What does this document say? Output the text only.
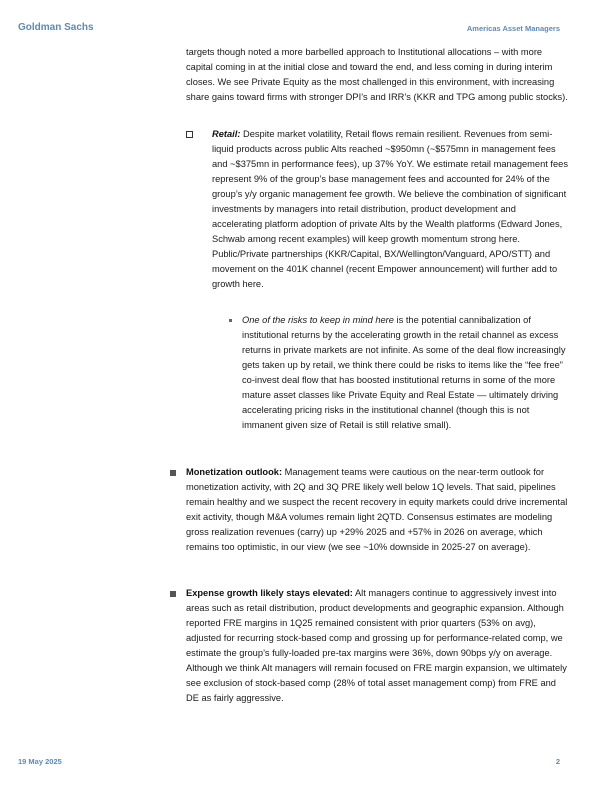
Goldman Sachs	Americas Asset Managers
targets though noted a more barbelled approach to Institutional allocations – with more capital coming in at the initial close and toward the end, and less coming in during interim closes. We see Private Equity as the most challenged in this environment, with increasing share gains toward firms with stronger DPI’s and IRR’s (KKR and TPG among public stocks).
Retail: Despite market volatility, Retail flows remain resilient. Revenues from semi-liquid products across public Alts reached ~$950mn (~$575mn in management fees and ~$375mn in performance fees), up 37% YoY. We estimate retail management fees represent 9% of the group’s base management fees and accounted for 24% of the group’s y/y organic management fee growth. We believe the combination of significant investments by managers into retail distribution, product development and accelerating platform adoption of private Alts by the Wealth platforms (Edward Jones, Schwab among recent examples) will keep growth momentum strong here. Public/Private partnerships (KKR/Capital, BX/Wellington/Vanguard, APO/STT) and movement on the 401K channel (recent Empower announcement) will further add to growth here.
One of the risks to keep in mind here is the potential cannibalization of institutional returns by the accelerating growth in the retail channel as excess returns in private markets are not infinite. As some of the deal flow increasingly gets taken up by retail, we think there could be risks to items like the “fee free” co-invest deal flow that has boosted institutional returns in some of the more mature asset classes like Private Equity and Real Estate — ultimately driving accelerating pricing risks in the institutional channel (though this is not immanent given size of Retail is still relative small).
Monetization outlook: Management teams were cautious on the near-term outlook for monetization activity, with 2Q and 3Q PRE likely well below 1Q levels. That said, pipelines remain healthy and we suspect the recent recovery in equity markets could drive incremental exit activity, though M&A volumes remain light 2QTD. Consensus estimates are modeling gross realization revenues (carry) up +29% 2025 and +57% in 2026 on average, which remains too optimistic, in our view (we see ~10% downside in 2025-27 on average).
Expense growth likely stays elevated: Alt managers continue to aggressively invest into areas such as retail distribution, product developments and geographic expansion. Although reported FRE margins in 1Q25 remained consistent with prior quarters (53% on avg), adjusted for recurring stock-based comp and grossing up for performance-related comp, we estimate the group’s fully-loaded pre-tax margins were 36%, down 90bps y/y on average. Although we think Alt managers will remain focused on FRE margin expansion, we ultimately see exclusion of stock-based comp (28% of total asset management comp) from FRE and DE as fairly aggressive.
19 May 2025	2
